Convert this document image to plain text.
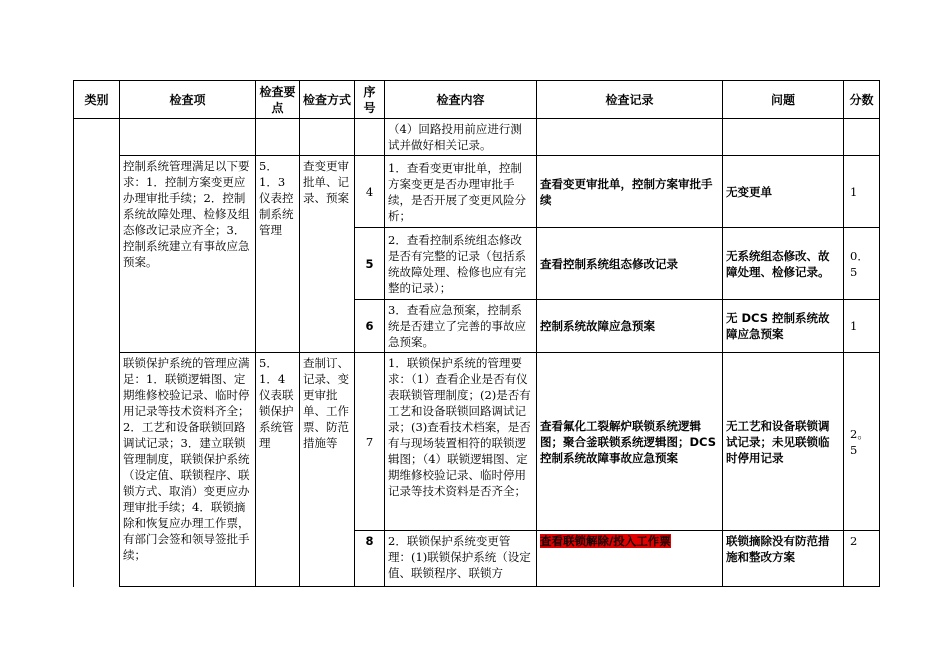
类别	检查项	检查要点	检查方式	序号	检查内容	检查记录	问题	分数
					（4）回路投用前应进行测试并做好相关记录。			
	控制系统管理满足以下要求：1．控制方案变更应办理审批手续；2．控制系统故障处理、检修及组态修改记录应齐全；3．控制系统建立有事故应急预案。	5．1．3仪表控制系统管理	查变更审批单、记录、预案	4	1．查看变更审批单，控制方案变更是否办理审批手续，是否开展了变更风险分析；	查看变更审批单，控制方案审批手续	无变更单	1
				5	2．查看控制系统组态修改是否有完整的记录（包括系统故障处理、检修也应有完整的记录）；	查看控制系统组态修改记录	无系统组态修改、故障处理、检修记录。	0．5
				6	3．查看应急预案，控制系统是否建立了完善的事故应急预案。	控制系统故障应急预案	无 DCS 控制系统故障应急预案	1
	联锁保护系统的管理应满足：1．联锁逻辑图、定期维修校验记录、临时停用记录等技术资料齐全；2．工艺和设备联锁回路调试记录；3．建立联锁管理制度，联锁保护系统（设定值、联锁程序、联锁方式、取消）变更应办理审批手续；4．联锁摘除和恢复应办理工作票，有部门会签和领导签批手续；	5．1．4仪表联锁保护系统管理	查制订、记录、变更审批单、工作票、防范措施等	7	1．联锁保护系统的管理要求：（1）查看企业是否有仪表联锁管理制度；(2)是否有工艺和设备联锁回路调试记录；(3)查看技术档案，是否有与现场装置相符的联锁逻辑图；（4）联锁逻辑图、定期维修校验记录、临时停用记录等技术资料是否齐全；	查看氟化工裂解炉联锁系统逻辑图；聚合釜联锁系统逻辑图；DCS控制系统故障事故应急预案	无工艺和设备联锁调试记录；未见联锁临时停用记录	2。5
				8	2．联锁保护系统变更管理：(1)联锁保护系统（设定值、联锁程序、联锁方	查看联锁解除/投入工作票	联锁摘除没有防范措施和整改方案	2
